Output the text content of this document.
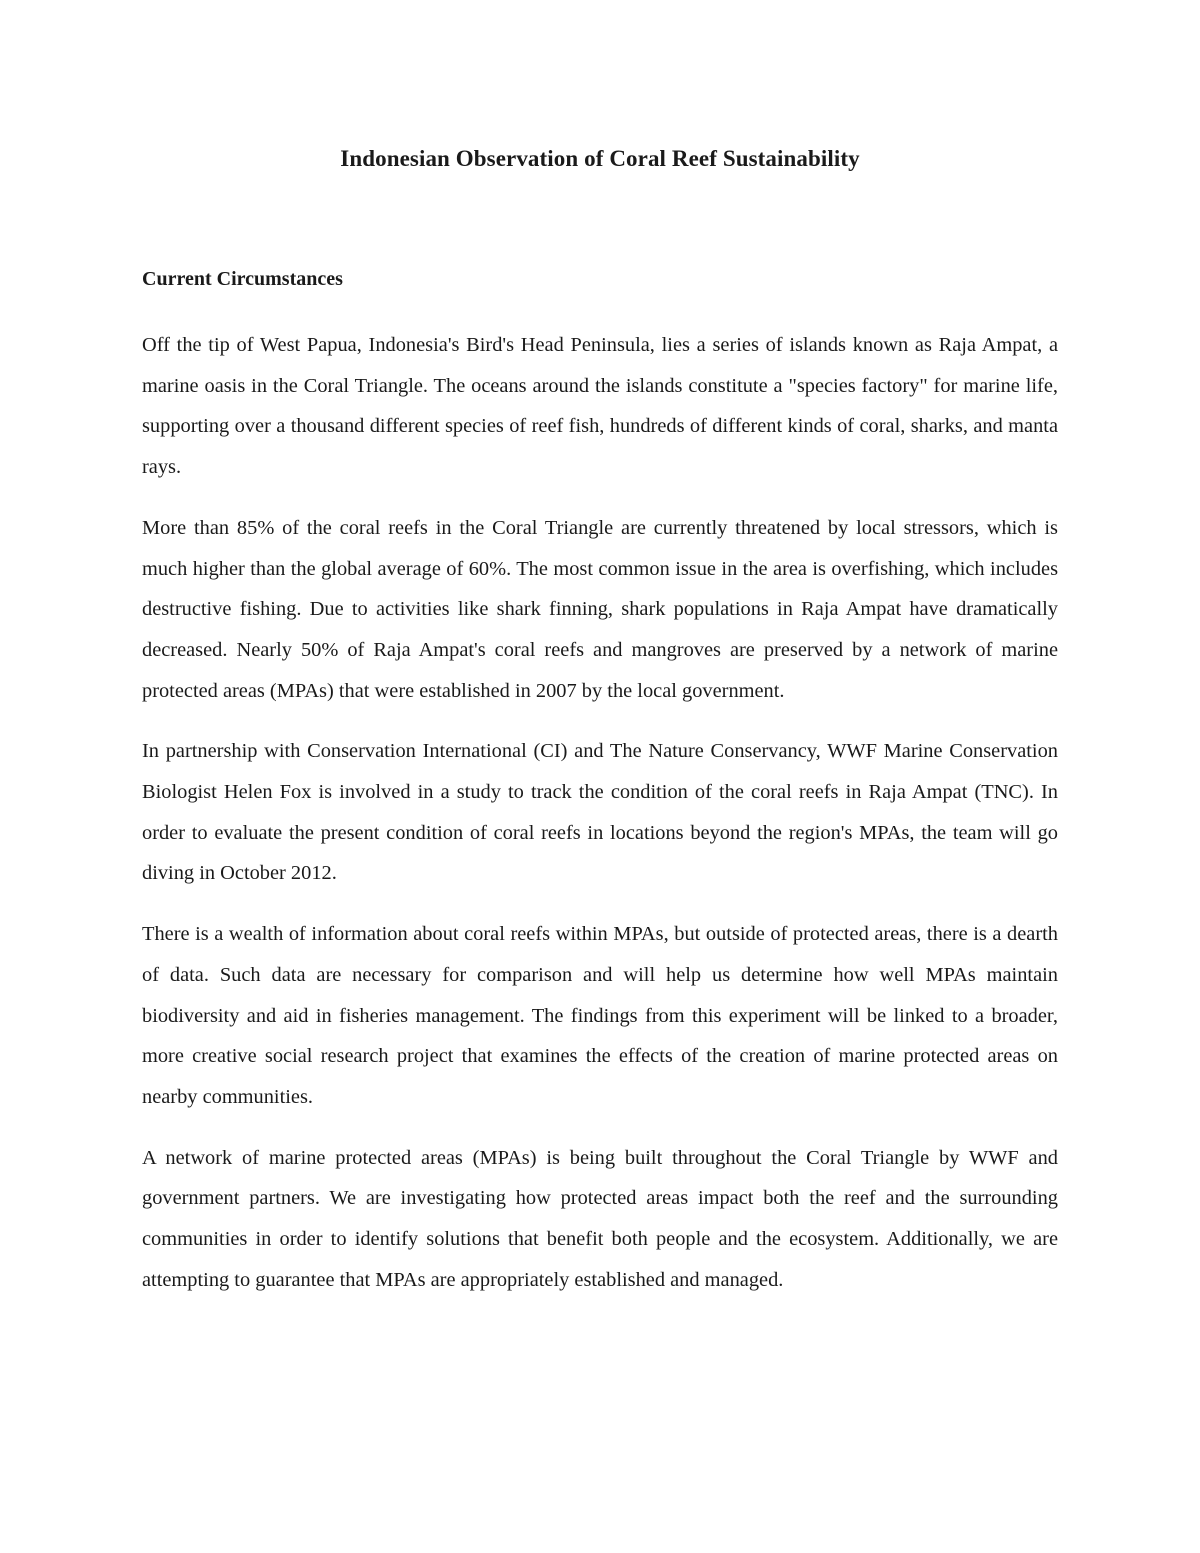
Indonesian Observation of Coral Reef Sustainability
Current Circumstances

Off the tip of West Papua, Indonesia's Bird's Head Peninsula, lies a series of islands known as Raja Ampat, a marine oasis in the Coral Triangle. The oceans around the islands constitute a "species factory" for marine life, supporting over a thousand different species of reef fish, hundreds of different kinds of coral, sharks, and manta rays.

More than 85% of the coral reefs in the Coral Triangle are currently threatened by local stressors, which is much higher than the global average of 60%. The most common issue in the area is overfishing, which includes destructive fishing. Due to activities like shark finning, shark populations in Raja Ampat have dramatically decreased. Nearly 50% of Raja Ampat's coral reefs and mangroves are preserved by a network of marine protected areas (MPAs) that were established in 2007 by the local government.

In partnership with Conservation International (CI) and The Nature Conservancy, WWF Marine Conservation Biologist Helen Fox is involved in a study to track the condition of the coral reefs in Raja Ampat (TNC). In order to evaluate the present condition of coral reefs in locations beyond the region's MPAs, the team will go diving in October 2012.

There is a wealth of information about coral reefs within MPAs, but outside of protected areas, there is a dearth of data. Such data are necessary for comparison and will help us determine how well MPAs maintain biodiversity and aid in fisheries management. The findings from this experiment will be linked to a broader, more creative social research project that examines the effects of the creation of marine protected areas on nearby communities.

A network of marine protected areas (MPAs) is being built throughout the Coral Triangle by WWF and government partners. We are investigating how protected areas impact both the reef and the surrounding communities in order to identify solutions that benefit both people and the ecosystem. Additionally, we are attempting to guarantee that MPAs are appropriately established and managed.
